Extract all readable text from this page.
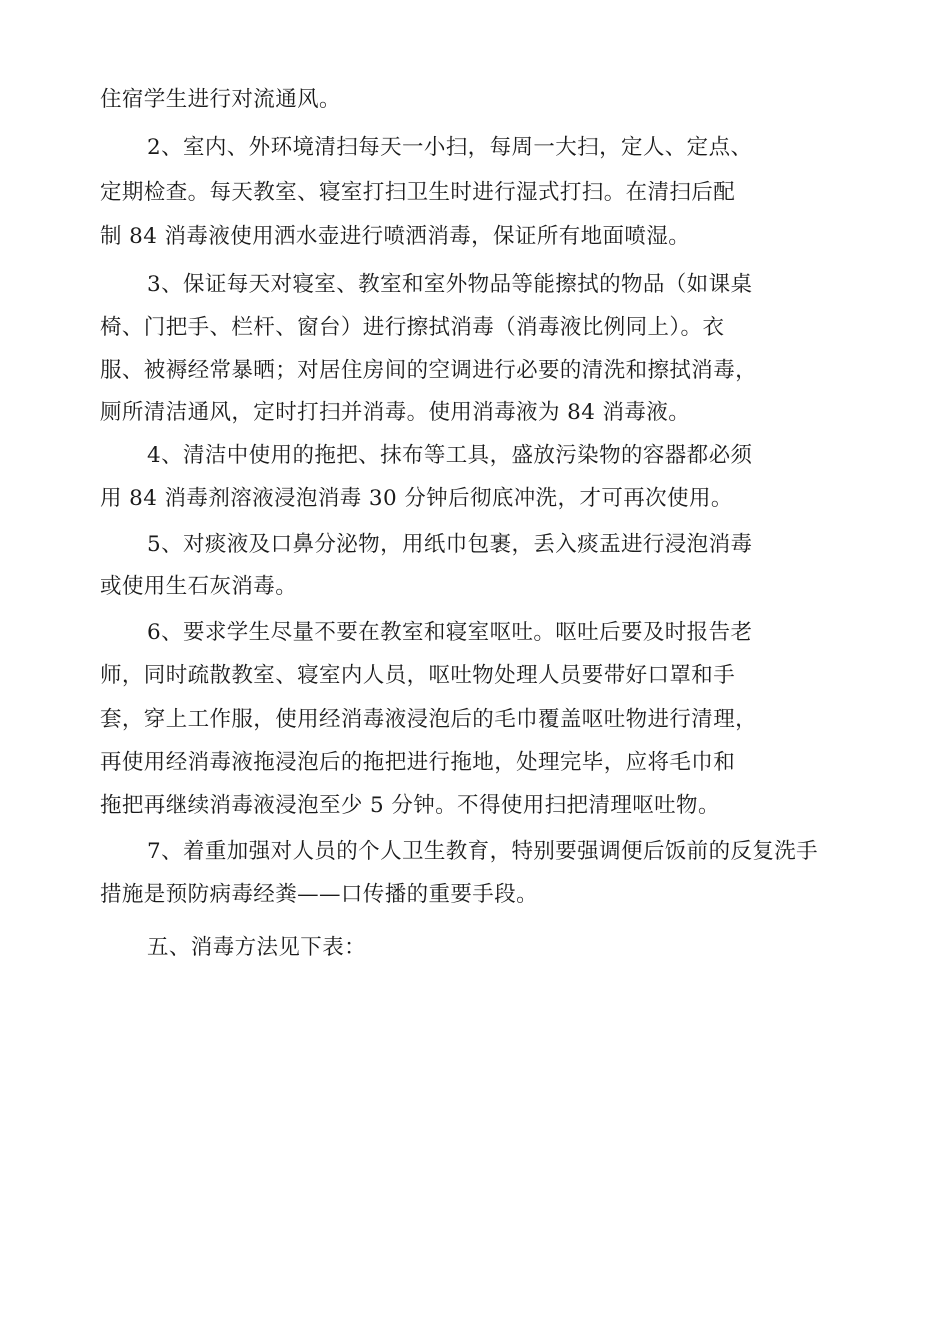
住宿学生进行对流通风。
2、室内、外环境清扫每天一小扫，每周一大扫，定人、定点、
定期检查。每天教室、寝室打扫卫生时进行湿式打扫。在清扫后配
制 84 消毒液使用洒水壶进行喷洒消毒，保证所有地面喷湿。
3、保证每天对寝室、教室和室外物品等能擦拭的物品（如课桌
椅、门把手、栏杆、窗台）进行擦拭消毒（消毒液比例同上）。衣
服、被褥经常暴晒；对居住房间的空调进行必要的清洗和擦拭消毒，
厕所清洁通风，定时打扫并消毒。使用消毒液为 84 消毒液。
4、清洁中使用的拖把、抹布等工具，盛放污染物的容器都必须
用 84 消毒剂溶液浸泡消毒 30 分钟后彻底冲洗，才可再次使用。
5、对痰液及口鼻分泌物，用纸巾包裹，丢入痰盂进行浸泡消毒
或使用生石灰消毒。
6、要求学生尽量不要在教室和寝室呕吐。呕吐后要及时报告老
师，同时疏散教室、寝室内人员，呕吐物处理人员要带好口罩和手
套，穿上工作服，使用经消毒液浸泡后的毛巾覆盖呕吐物进行清理，
再使用经消毒液拖浸泡后的拖把进行拖地，处理完毕，应将毛巾和
拖把再继续消毒液浸泡至少 5 分钟。不得使用扫把清理呕吐物。
7、着重加强对人员的个人卫生教育，特别要强调便后饭前的反复洗手
措施是预防病毒经粪——口传播的重要手段。
五、消毒方法见下表：
